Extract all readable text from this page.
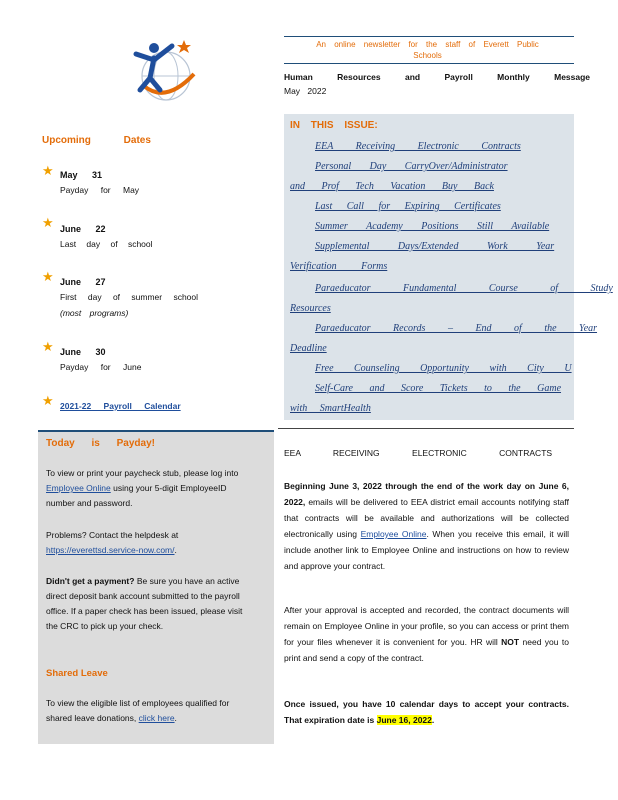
An online newsletter for the staff of Everett Public Schools
Human Resources and Payroll Monthly Message
May 2022
Upcoming Dates
★ May 31
Payday for May
★ June 22
Last day of school
★ June 27
First day of summer school
(most programs)
★ June 30
Payday for June
★ 2021-22 Payroll Calendar
IN THIS ISSUE:
EEA Receiving Electronic Contracts
Personal Day CarryOver/Administrator
and Prof Tech Vacation Buy Back
Last Call for Expiring Certificates
Summer Academy Positions Still Available
Supplemental Days/Extended Work Year
Verification Forms
Paraeducator Fundamental Course of Study
Resources
Paraeducator Records – End of the Year
Deadline
Free Counseling Opportunity with City U
Self-Care and Score Tickets to the Game
with SmartHealth
Today is Payday!
To view or print your paycheck stub, please log into Employee Online using your 5-digit EmployeeID number and password.
Problems? Contact the helpdesk at https://everettsd.service-now.com/.
Didn't get a payment? Be sure you have an active direct deposit bank account submitted to the payroll office. If a paper check has been issued, please visit the CRC to pick up your check.
Shared Leave
To view the eligible list of employees qualified for shared leave donations, click here.
EEA RECEIVING ELECTRONIC CONTRACTS
Beginning June 3, 2022 through the end of the work day on June 6, 2022, emails will be delivered to EEA district email accounts notifying staff that contracts will be available and authorizations will be collected electronically using Employee Online. When you receive this email, it will include another link to Employee Online and instructions on how to review and approve your contract.
After your approval is accepted and recorded, the contract documents will remain on Employee Online in your profile, so you can access or print them for your files whenever it is convenient for you. HR will NOT need you to print and send a copy of the contract.
Once issued, you have 10 calendar days to accept your contracts. That expiration date is June 16, 2022.
